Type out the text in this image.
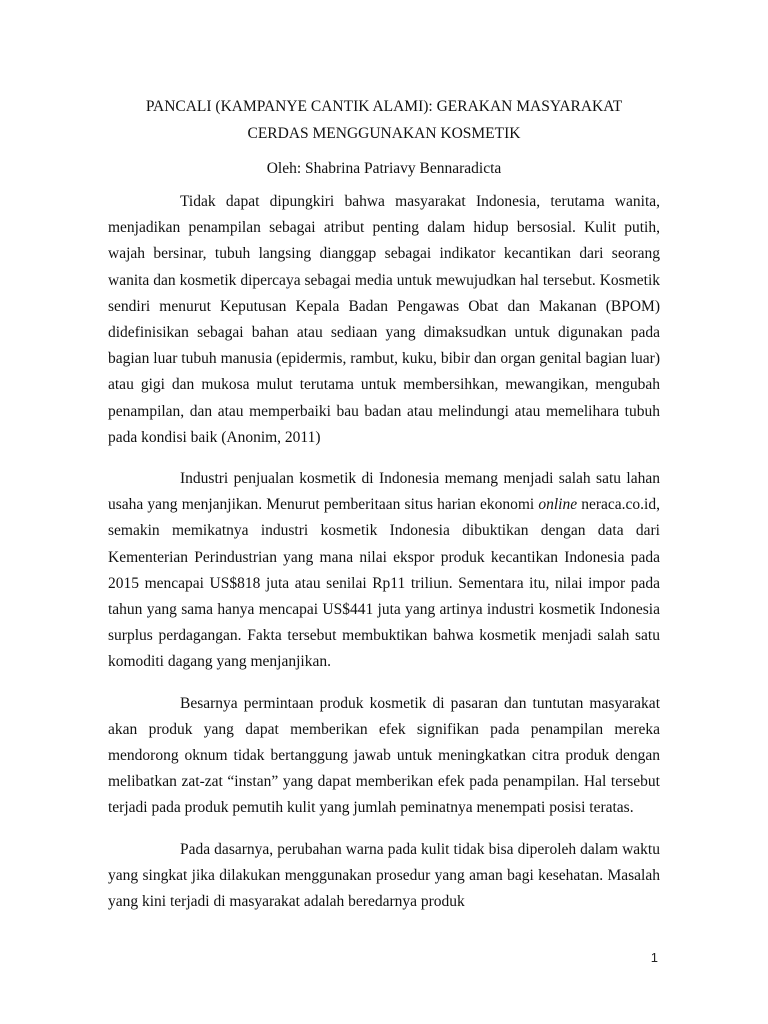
PANCALI (KAMPANYE CANTIK ALAMI): GERAKAN MASYARAKAT
CERDAS MENGGUNAKAN KOSMETIK

Oleh: Shabrina Patriavy Bennaradicta

Tidak dapat dipungkiri bahwa masyarakat Indonesia, terutama wanita, menjadikan penampilan sebagai atribut penting dalam hidup bersosial. Kulit putih, wajah bersinar, tubuh langsing dianggap sebagai indikator kecantikan dari seorang wanita dan kosmetik dipercaya sebagai media untuk mewujudkan hal tersebut. Kosmetik sendiri menurut Keputusan Kepala Badan Pengawas Obat dan Makanan (BPOM) didefinisikan sebagai bahan atau sediaan yang dimaksudkan untuk digunakan pada bagian luar tubuh manusia (epidermis, rambut, kuku, bibir dan organ genital bagian luar) atau gigi dan mukosa mulut terutama untuk membersihkan, mewangikan, mengubah penampilan, dan atau memperbaiki bau badan atau melindungi atau memelihara tubuh pada kondisi baik (Anonim, 2011)

Industri penjualan kosmetik di Indonesia memang menjadi salah satu lahan usaha yang menjanjikan. Menurut pemberitaan situs harian ekonomi online neraca.co.id, semakin memikatnya industri kosmetik Indonesia dibuktikan dengan data dari Kementerian Perindustrian yang mana nilai ekspor produk kecantikan Indonesia pada 2015 mencapai US$818 juta atau senilai Rp11 triliun. Sementara itu, nilai impor pada tahun yang sama hanya mencapai US$441 juta yang artinya industri kosmetik Indonesia surplus perdagangan. Fakta tersebut membuktikan bahwa kosmetik menjadi salah satu komoditi dagang yang menjanjikan.

Besarnya permintaan produk kosmetik di pasaran dan tuntutan masyarakat akan produk yang dapat memberikan efek signifikan pada penampilan mereka mendorong oknum tidak bertanggung jawab untuk meningkatkan citra produk dengan melibatkan zat-zat “instan” yang dapat memberikan efek pada penampilan. Hal tersebut terjadi pada produk pemutih kulit yang jumlah peminatnya menempati posisi teratas.

Pada dasarnya, perubahan warna pada kulit tidak bisa diperoleh dalam waktu yang singkat jika dilakukan menggunakan prosedur yang aman bagi kesehatan. Masalah yang kini terjadi di masyarakat adalah beredarnya produk

1
